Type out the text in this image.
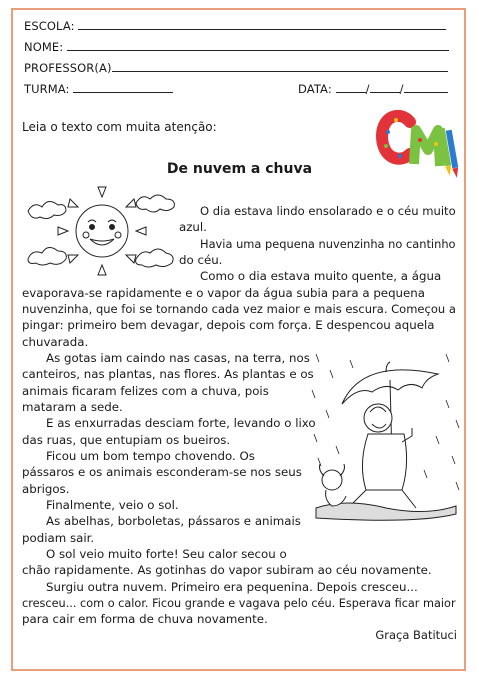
ESCOLA:
NOME:
PROFESSOR(A)
TURMA:	DATA:	/	/
Leia o texto com muita atenção:
De nuvem a chuva
O dia estava lindo ensolarado e o céu muito
azul.
Havia uma pequena nuvenzinha no cantinho
do céu.
Como o dia estava muito quente, a água
evaporava-se rapidamente e o vapor da água subia para a pequena
nuvenzinha, que foi se tornando cada vez maior e mais escura. Começou a
pingar: primeiro bem devagar, depois com força. E despencou aquela
chuvarada.
As gotas iam caindo nas casas, na terra, nos
canteiros, nas plantas, nas flores. As plantas e os
animais ficaram felizes com a chuva, pois
mataram a sede.
E as enxurradas desciam forte, levando o lixo
das ruas, que entupiam os bueiros.
Ficou um bom tempo chovendo. Os
pássaros e os animais esconderam-se nos seus
abrigos.
Finalmente, veio o sol.
As abelhas, borboletas, pássaros e animais
podiam sair.
O sol veio muito forte! Seu calor secou o
chão rapidamente. As gotinhas do vapor subiram ao céu novamente.
Surgiu outra nuvem. Primeiro era pequenina. Depois cresceu...
cresceu... com o calor. Ficou grande e vagava pelo céu. Esperava ficar maior
para cair em forma de chuva novamente.
Graça Batituci
